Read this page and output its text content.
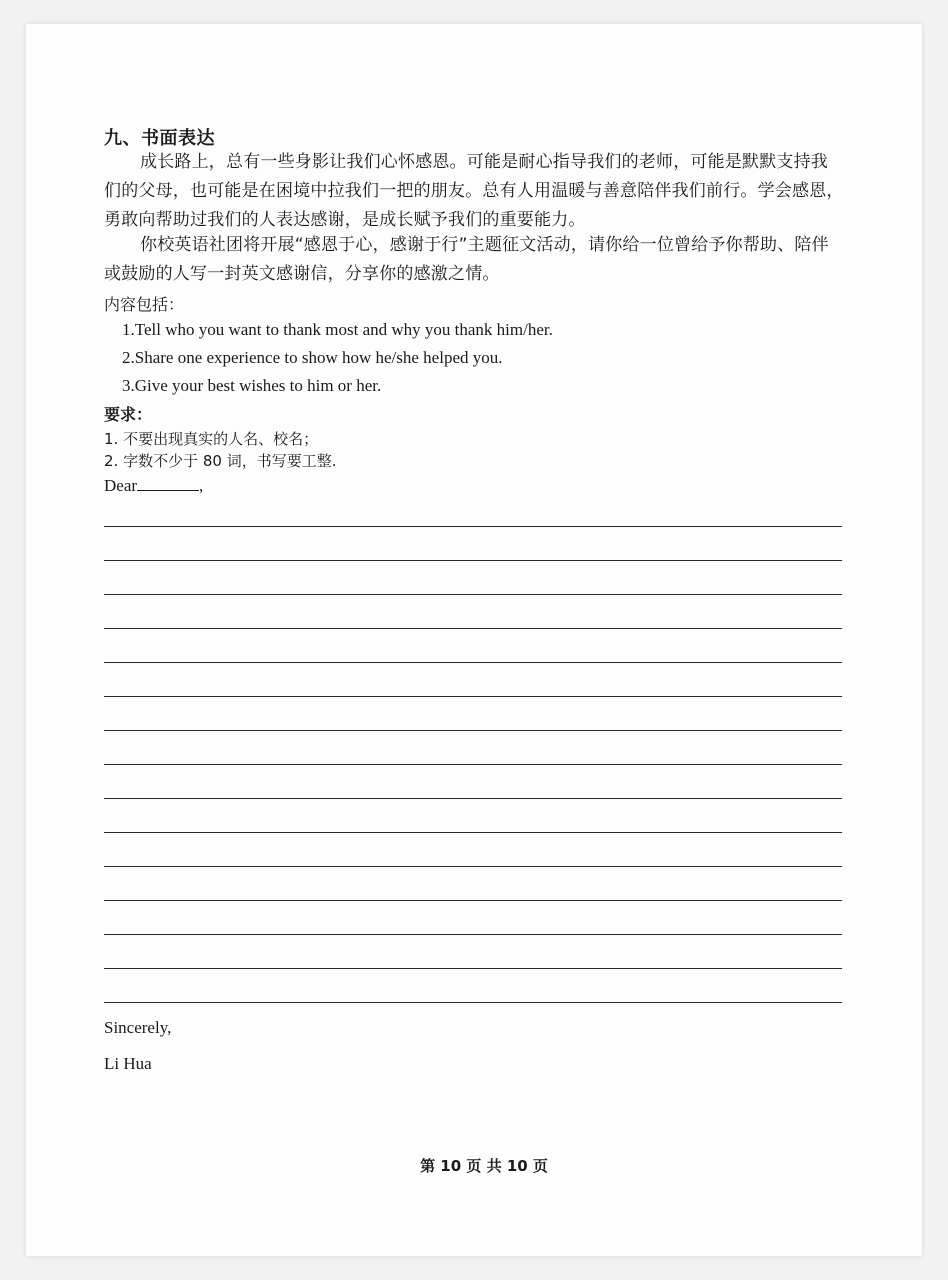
九、书面表达
成长路上，总有一些身影让我们心怀感恩。可能是耐心指导我们的老师，可能是默默支持我们的父母，也可能是在困境中拉我们一把的朋友。总有人用温暖与善意陪伴我们前行。学会感恩，勇敢向帮助过我们的人表达感谢，是成长赋予我们的重要能力。
你校英语社团将开展“感恩于心，感谢于行”主题征文活动，请你给一位曾给予你帮助、陪伴或鼓励的人写一封英文感谢信，分享你的感激之情。
内容包括：
1.Tell who you want to thank most and why you thank him/her.
2.Share one experience to show how he/she helped you.
3.Give your best wishes to him or her.
要求：
1. 不要出现真实的人名、校名；
2. 字数不少于 80 词，书写要工整.
Dear	,
Sincerely,
Li Hua
第 10 页 共 10 页
